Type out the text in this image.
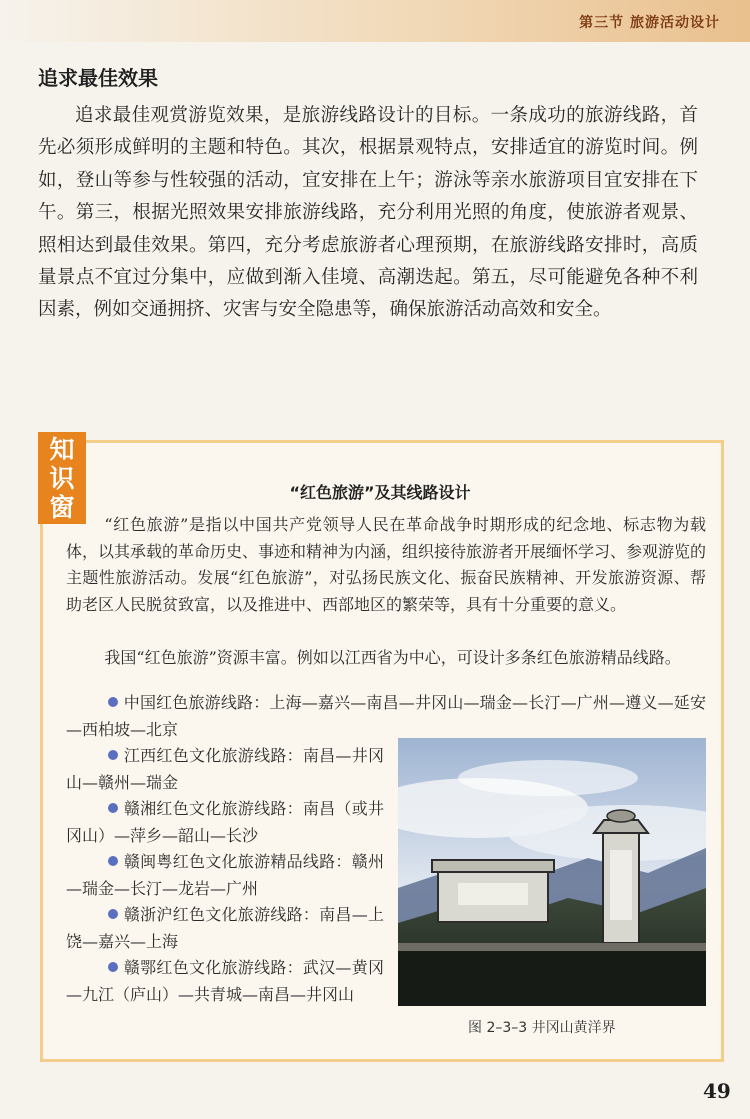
第三节 旅游活动设计
追求最佳效果

追求最佳观赏游览效果，是旅游线路设计的目标。一条成功的旅游线路，首先必须形成鲜明的主题和特色。其次，根据景观特点，安排适宜的游览时间。例如，登山等参与性较强的活动，宜安排在上午；游泳等亲水旅游项目宜安排在下午。第三，根据光照效果安排旅游线路，充分利用光照的角度，使旅游者观景、照相达到最佳效果。第四，充分考虑旅游者心理预期，在旅游线路安排时，高质量景点不宜过分集中，应做到渐入佳境、高潮迭起。第五，尽可能避免各种不利因素，例如交通拥挤、灾害与安全隐患等，确保旅游活动高效和安全。

知
识
窗	“红色旅游”及其线路设计

“红色旅游”是指以中国共产党领导人民在革命战争时期形成的纪念地、标志物为载体，以其承载的革命历史、事迹和精神为内涵，组织接待旅游者开展缅怀学习、参观游览的主题性旅游活动。发展“红色旅游”，对弘扬民族文化、振奋民族精神、开发旅游资源、帮助老区人民脱贫致富，以及推进中、西部地区的繁荣等，具有十分重要的意义。

我国“红色旅游”资源丰富。例如以江西省为中心，可设计多条红色旅游精品线路。

中国红色旅游线路：上海—嘉兴—南昌—井冈山—瑞金—长汀—广州—遵义—延安—西柏坡—北京

江西红色文化旅游线路：南昌—井冈山—赣州—瑞金

赣湘红色文化旅游线路：南昌（或井冈山）—萍乡—韶山—长沙

赣闽粤红色文化旅游精品线路：赣州—瑞金—长汀—龙岩—广州

赣浙沪红色文化旅游线路：南昌—上饶—嘉兴—上海

赣鄂红色文化旅游线路：武汉—黄冈—九江（庐山）—共青城—南昌—井冈山

图 2–3–3 井冈山黄洋界
49
